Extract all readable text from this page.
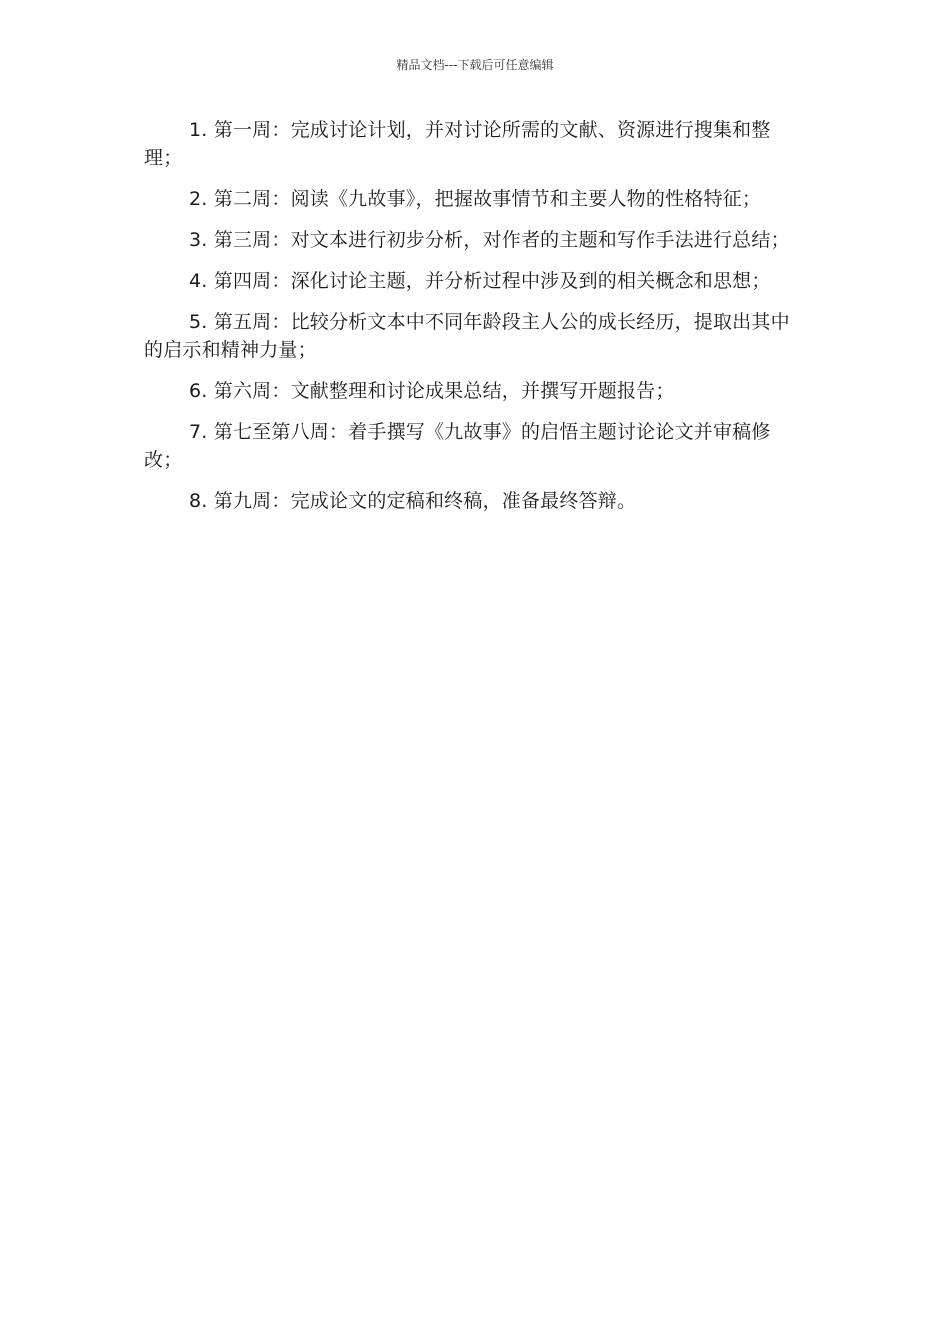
精品文档---下载后可任意编辑

1. 第一周：完成讨论计划，并对讨论所需的文献、资源进行搜集和整理；

2. 第二周：阅读《九故事》，把握故事情节和主要人物的性格特征；

3. 第三周：对文本进行初步分析，对作者的主题和写作手法进行总结；

4. 第四周：深化讨论主题，并分析过程中涉及到的相关概念和思想；

5. 第五周：比较分析文本中不同年龄段主人公的成长经历，提取出其中的启示和精神力量；

6. 第六周：文献整理和讨论成果总结，并撰写开题报告；

7. 第七至第八周：着手撰写《九故事》的启悟主题讨论论文并审稿修改；

8. 第九周：完成论文的定稿和终稿，准备最终答辩。
